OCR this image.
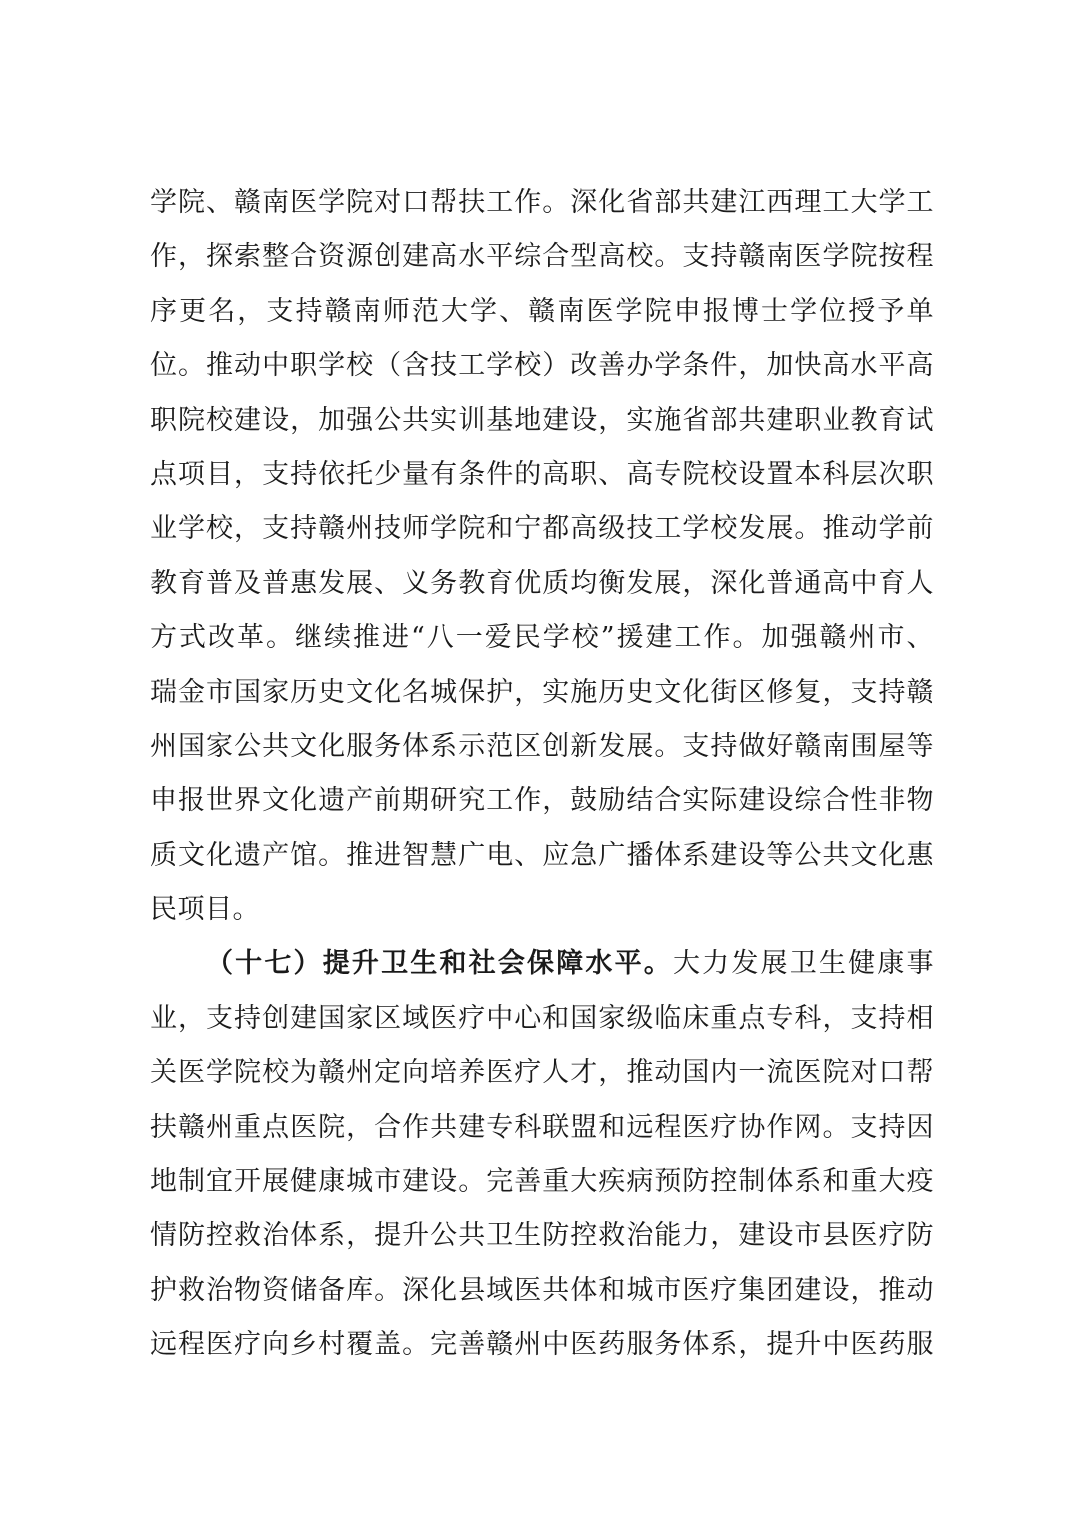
学院、赣南医学院对口帮扶工作。深化省部共建江西理工大学工
作，探索整合资源创建高水平综合型高校。支持赣南医学院按程
序更名，支持赣南师范大学、赣南医学院申报博士学位授予单
位。推动中职学校（含技工学校）改善办学条件，加快高水平高
职院校建设，加强公共实训基地建设，实施省部共建职业教育试
点项目，支持依托少量有条件的高职、高专院校设置本科层次职
业学校，支持赣州技师学院和宁都高级技工学校发展。推动学前
教育普及普惠发展、义务教育优质均衡发展，深化普通高中育人
方式改革。继续推进“八一爱民学校”援建工作。加强赣州市、
瑞金市国家历史文化名城保护，实施历史文化街区修复，支持赣
州国家公共文化服务体系示范区创新发展。支持做好赣南围屋等
申报世界文化遗产前期研究工作，鼓励结合实际建设综合性非物
质文化遗产馆。推进智慧广电、应急广播体系建设等公共文化惠
民项目。
（十七）提升卫生和社会保障水平。大力发展卫生健康事
业，支持创建国家区域医疗中心和国家级临床重点专科，支持相
关医学院校为赣州定向培养医疗人才，推动国内一流医院对口帮
扶赣州重点医院，合作共建专科联盟和远程医疗协作网。支持因
地制宜开展健康城市建设。完善重大疾病预防控制体系和重大疫
情防控救治体系，提升公共卫生防控救治能力，建设市县医疗防
护救治物资储备库。深化县域医共体和城市医疗集团建设，推动
远程医疗向乡村覆盖。完善赣州中医药服务体系，提升中医药服
